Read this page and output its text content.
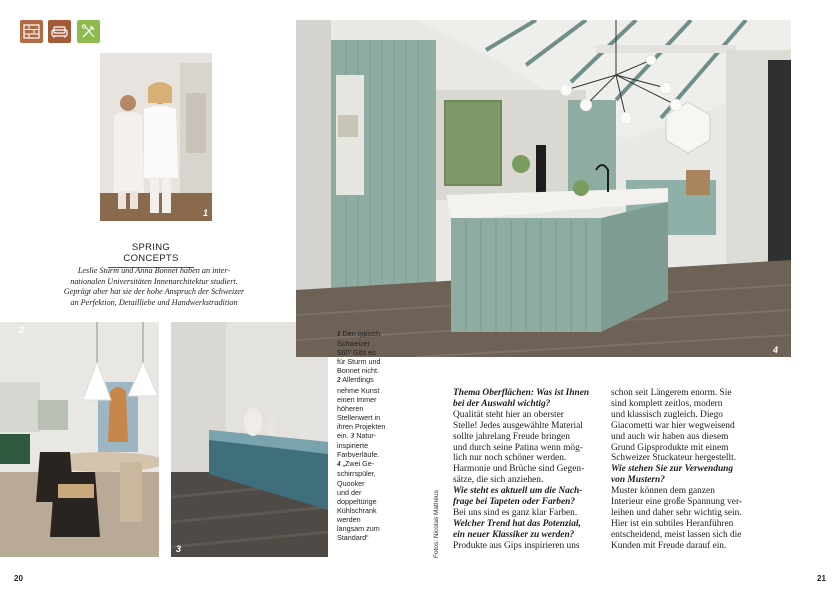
1
2
3
4
SPRING CONCEPTS
Leslie Sturm und Anna Bonnet haben an inter-
nationalen Universitäten Innenarchitektur studiert.
Geprägt aber hat sie der hohe Anspruch der Schweizer
an Perfektion, Detailliebe und Handwerkstradition

1 Den typisch

Schweizer

Stil? Gibt es

für Sturm und

Bonnet nicht.

2 Allerdings

nehme Kunst

einen immer

höheren

Stellenwert in

ihren Projekten

ein. 3 Natur-

inspirierte

Farbverläufe.

4 „Zwei Ge-

schirrspüler,

Quooker

und der

doppeltürige

Kühlschrank

werden

langsam zum

Standard“	Fotos: Nicolas Mathéus
Thema Oberflächen: Was ist Ihnen
bei der Auswahl wichtig?
Qualität steht hier an oberster
Stelle! Jedes ausgewählte Material
sollte jahrelang Freude bringen
und durch seine Patina wenn mög-
lich nur noch schöner werden.
Harmonie und Brüche sind Gegen-
sätze, die sich anziehen.
Wie steht es aktuell um die Nach-
frage bei Tapeten oder Farben?
Bei uns sind es ganz klar Farben.
Welcher Trend hat das Potenzial,
ein neuer Klassiker zu werden?
Produkte aus Gips inspirieren uns
schon seit Längerem enorm. Sie
sind komplett zeitlos, modern
und klassisch zugleich. Diego
Giacometti war hier wegweisend
und auch wir haben aus diesem
Grund Gipsprodukte mit einem
Schweizer Stuckateur hergestellt.
Wie stehen Sie zur Verwendung
von Mustern?
Muster können dem ganzen
Interieur eine große Spannung ver-
leihen und daher sehr wichtig sein.
Hier ist ein subtiles Heranführen
entscheidend, meist lassen sich die
Kunden mit Freude darauf ein.
20	21
